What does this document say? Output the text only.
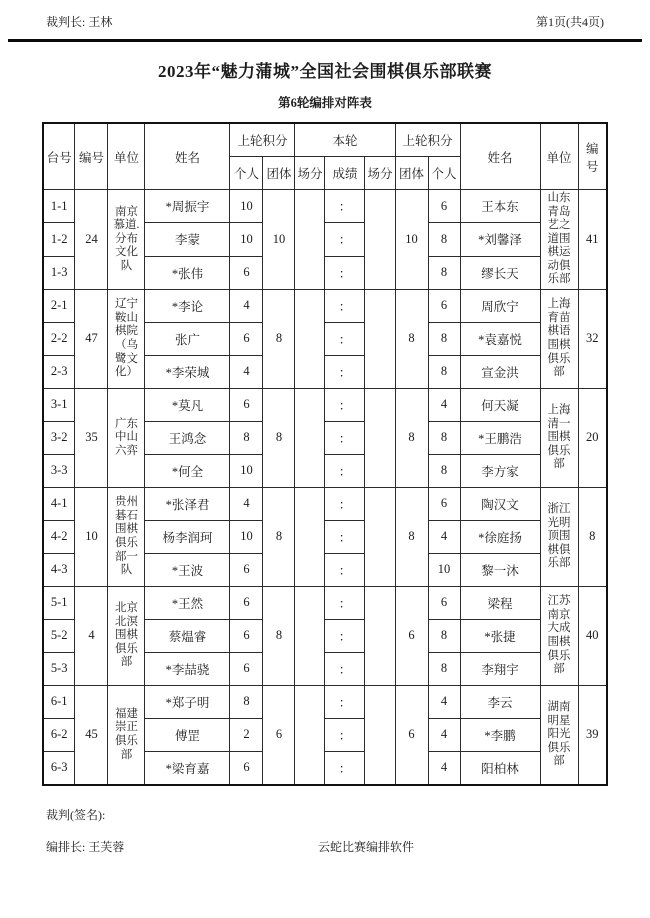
裁判长: 王林	第1页(共4页)
2023年“魅力蒲城”全国社会围棋俱乐部联赛
第6轮编排对阵表
台号	编号	单位	姓名	上轮积分		本轮			上轮积分		姓名	单位	编号
				个人	团体	场分	成绩	场分	团体	个人			
1-1	24	南京慕道.分布文化队	*周振宇	10	10		：		10	6	王本东	山东青岛艺之道围棋运动俱乐部	41
1-2			李蒙	10			：			8	*刘馨泽		
1-3			*张伟	6			：			8	缪长天		
2-1	47	辽宁鞍山棋院（乌鹭文化）	*李论	4	8		：		8	6	周欣宁	上海育苗棋语围棋俱乐部	32
2-2			张广	6			：			8	*袁嘉悦		
2-3			*李荣城	4			：			8	宣金洪		
3-1	35	广东中山六弈	*莫凡	6	8		：		8	4	何天凝	上海清一围棋俱乐部	20
3-2			王鸿念	8			：			8	*王鹏浩		
3-3			*何全	10			：			8	李方家		
4-1	10	贵州碁石围棋俱乐部一队	*张泽君	4	8		：		8	6	陶汉文	浙江光明顶围棋俱乐部	8
4-2			杨李润珂	10			：			4	*徐庭扬		
4-3			*王波	6			：			10	黎一沐		
5-1	4	北京北溟围棋俱乐部	*王然	6	8		：		6	6	梁程	江苏南京大成围棋俱乐部	40
5-2			蔡煴睿	6			：			8	*张捷		
5-3			*李喆骁	6			：			8	李翔宇		
6-1	45	福建崇正俱乐部	*郑子明	8	6		：		6	4	李云	湖南明星阳光俱乐部	39
6-2			傅罡	2			：			4	*李鹏		
6-3			*梁育嘉	6			：			4	阳柏林		
裁判(签名):
编排长: 王芙蓉	云蛇比赛编排软件
